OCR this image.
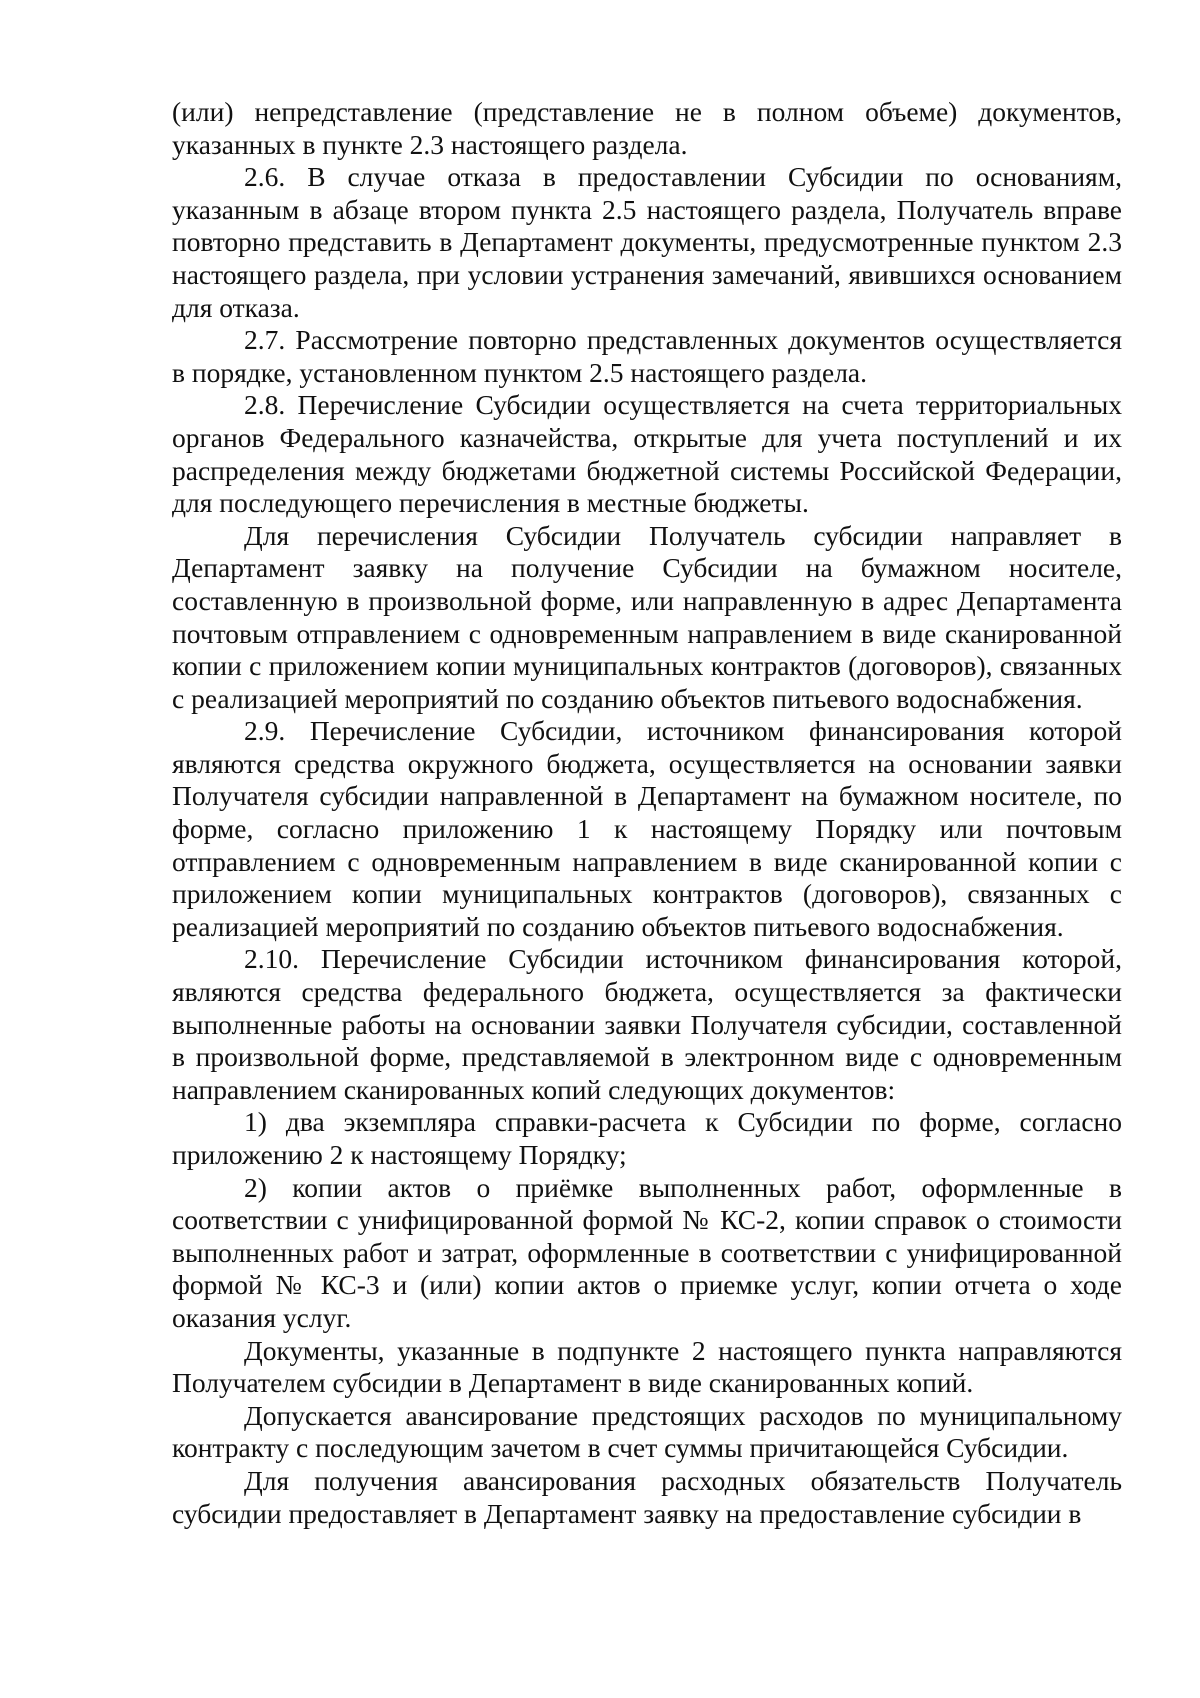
(или) непредставление (представление не в полном объеме) документов, указанных в пункте 2.3 настоящего раздела.

2.6. В случае отказа в предоставлении Субсидии по основаниям, указанным в абзаце втором пункта 2.5 настоящего раздела, Получатель вправе повторно представить в Департамент документы, предусмотренные пунктом 2.3 настоящего раздела, при условии устранения замечаний, явившихся основанием для отказа.

2.7. Рассмотрение повторно представленных документов осуществляется в порядке, установленном пунктом 2.5 настоящего раздела.

2.8. Перечисление Субсидии осуществляется на счета территориальных органов Федерального казначейства, открытые для учета поступлений и их распределения между бюджетами бюджетной системы Российской Федерации, для последующего перечисления в местные бюджеты.

Для перечисления Субсидии Получатель субсидии направляет в Департамент заявку на получение Субсидии на бумажном носителе, составленную в произвольной форме, или направленную в адрес Департамента почтовым отправлением с одновременным направлением в виде сканированной копии с приложением копии муниципальных контрактов (договоров), связанных с реализацией мероприятий по созданию объектов питьевого водоснабжения.

2.9. Перечисление Субсидии, источником финансирования которой являются средства окружного бюджета, осуществляется на основании заявки Получателя субсидии направленной в Департамент на бумажном носителе, по форме, согласно приложению 1 к настоящему Порядку или почтовым отправлением с одновременным направлением в виде сканированной копии с приложением копии муниципальных контрактов (договоров), связанных с реализацией мероприятий по созданию объектов питьевого водоснабжения.

2.10. Перечисление Субсидии источником финансирования которой, являются средства федерального бюджета, осуществляется за фактически выполненные работы на основании заявки Получателя субсидии, составленной в произвольной форме, представляемой в электронном виде с одновременным направлением сканированных копий следующих документов:

1) два экземпляра справки-расчета к Субсидии по форме, согласно приложению 2 к настоящему Порядку;

2) копии актов о приёмке выполненных работ, оформленные в соответствии с унифицированной формой № КС-2, копии справок о стоимости выполненных работ и затрат, оформленные в соответствии с унифицированной формой № КС-3 и (или) копии актов о приемке услуг, копии отчета о ходе оказания услуг.

Документы, указанные в подпункте 2 настоящего пункта направляются Получателем субсидии в Департамент в виде сканированных копий.

Допускается авансирование предстоящих расходов по муниципальному контракту с последующим зачетом в счет суммы причитающейся Субсидии.

Для получения авансирования расходных обязательств Получатель субсидии предоставляет в Департамент заявку на предоставление субсидии в
